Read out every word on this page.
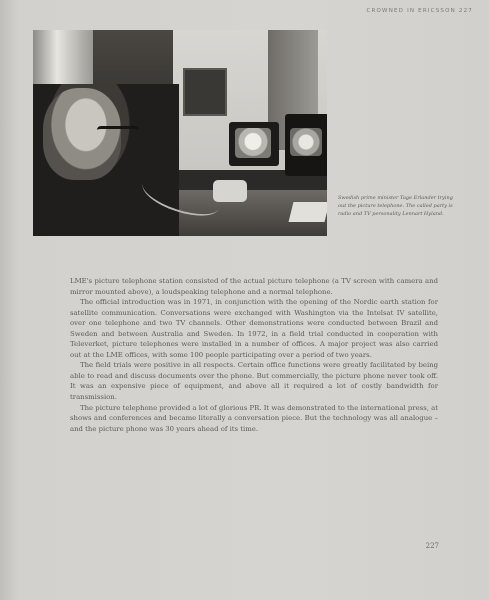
CROWNED IN ERICSSON 227
Swedish prime minister Tage Erlander trying out the picture telephone. The called party is radio and TV personality Lennart Hyland.

LME's picture telephone station consisted of the actual picture telephone (a TV screen with camera and mirror mounted above), a loudspeaking telephone and a normal telephone.

The official introduction was in 1971, in conjunction with the opening of the Nordic earth station for satellite communication. Conversations were exchanged with Washington via the Intelsat IV satellite, over one telephone and two TV channels. Other demonstrations were conducted between Brazil and Sweden and between Australia and Sweden. In 1972, in a field trial conducted in cooperation with Televerket, picture telephones were installed in a number of offices. A major project was also carried out at the LME offices, with some 100 people participating over a period of two years.

The field trials were positive in all respects. Certain office functions were greatly facilitated by being able to read and discuss documents over the phone. But commercially, the picture phone never took off. It was an expensive piece of equipment, and above all it required a lot of costly bandwidth for transmission.

The picture telephone provided a lot of glorious PR. It was demonstrated to the international press, at shows and conferences and became literally a conversation piece. But the technology was all analogue – and the picture phone was 30 years ahead of its time.

227
